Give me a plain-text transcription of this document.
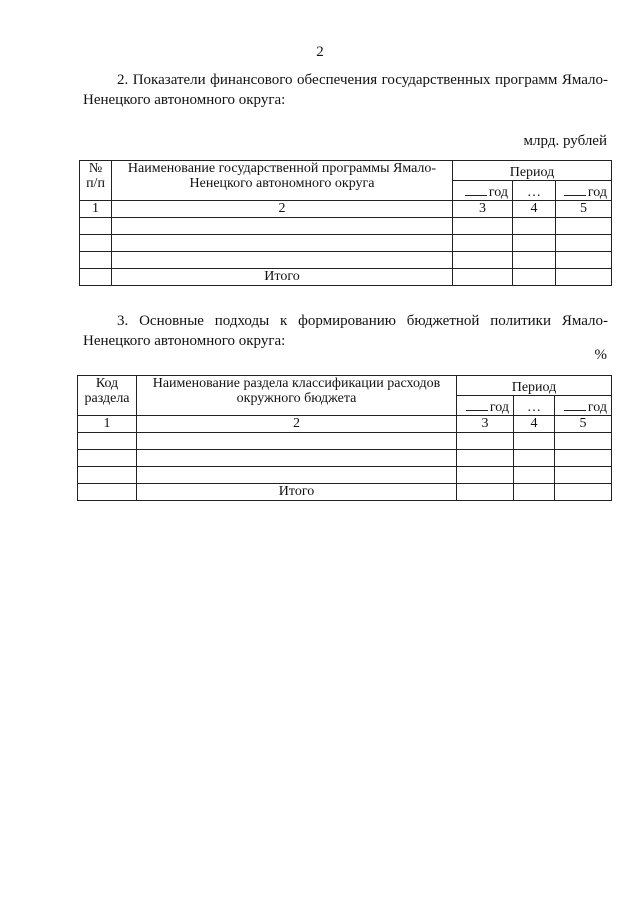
2
2. Показатели финансового обеспечения государственных программ Ямало-Ненецкого автономного округа:
млрд. рублей
№ п/п	Наименование государственной программы Ямало-Ненецкого автономного округа	Период		

		год	…	год

1	2	3	4	5

	Итого			
3. Основные подходы к формированию бюджетной политики Ямало-Ненецкого автономного округа:
%
Код раздела	Наименование раздела классификации расходов окружного бюджета	Период		

		год	…	год

1	2	3	4	5

	Итого			
